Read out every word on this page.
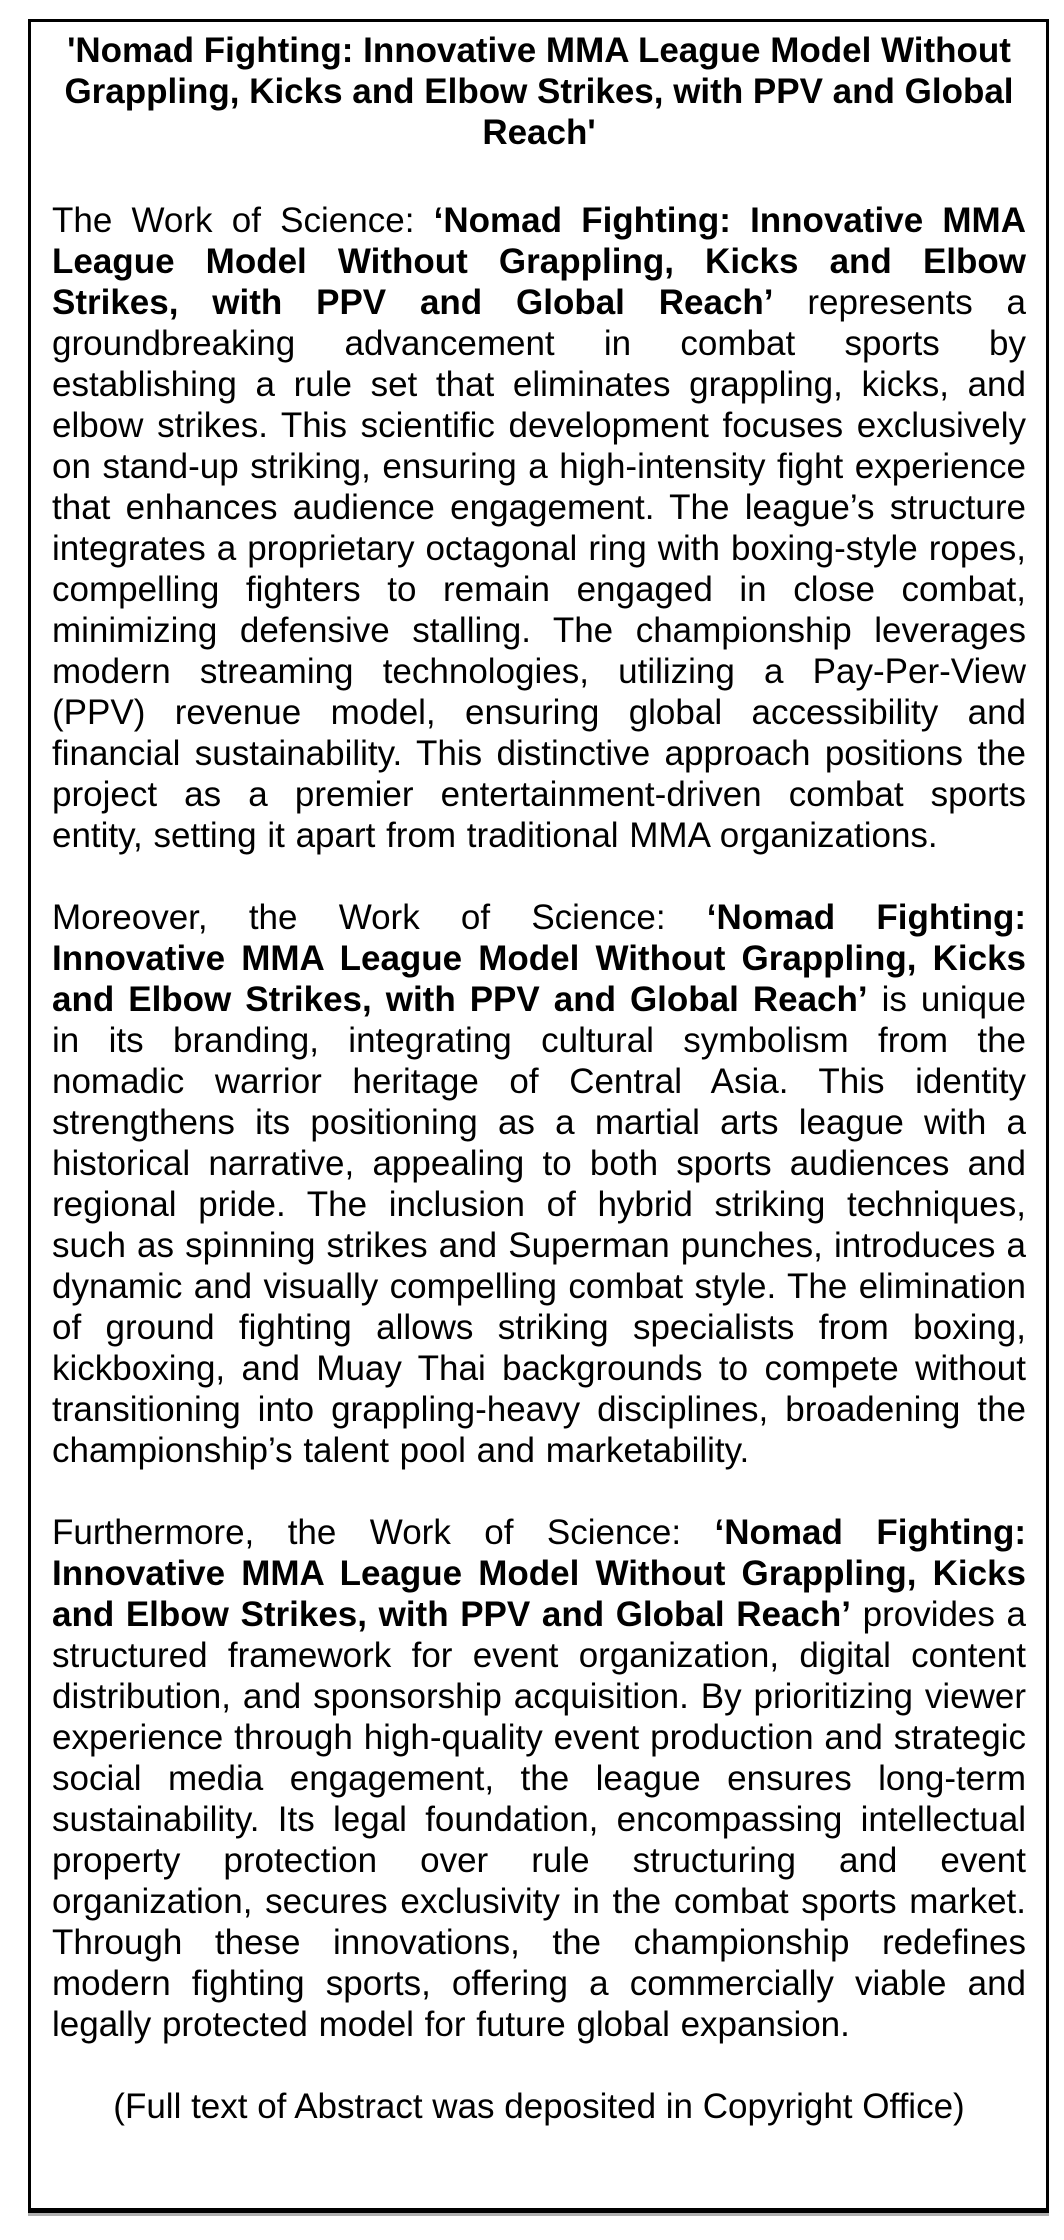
'Nomad Fighting: Innovative MMA League Model Without Grappling, Kicks and Elbow Strikes, with PPV and Global Reach'

The Work of Science: ‘Nomad Fighting: Innovative MMA League Model Without Grappling, Kicks and Elbow Strikes, with PPV and Global Reach’ represents a groundbreaking advancement in combat sports by establishing a rule set that eliminates grappling, kicks, and elbow strikes. This scientific development focuses exclusively on stand-up striking, ensuring a high-intensity fight experience that enhances audience engagement. The league’s structure integrates a proprietary octagonal ring with boxing-style ropes, compelling fighters to remain engaged in close combat, minimizing defensive stalling. The championship leverages modern streaming technologies, utilizing a Pay-Per-View (PPV) revenue model, ensuring global accessibility and financial sustainability. This distinctive approach positions the project as a premier entertainment-driven combat sports entity, setting it apart from traditional MMA organizations.

Moreover, the Work of Science: ‘Nomad Fighting: Innovative MMA League Model Without Grappling, Kicks and Elbow Strikes, with PPV and Global Reach’ is unique in its branding, integrating cultural symbolism from the nomadic warrior heritage of Central Asia. This identity strengthens its positioning as a martial arts league with a historical narrative, appealing to both sports audiences and regional pride. The inclusion of hybrid striking techniques, such as spinning strikes and Superman punches, introduces a dynamic and visually compelling combat style. The elimination of ground fighting allows striking specialists from boxing, kickboxing, and Muay Thai backgrounds to compete without transitioning into grappling-heavy disciplines, broadening the championship’s talent pool and marketability.

Furthermore, the Work of Science: ‘Nomad Fighting: Innovative MMA League Model Without Grappling, Kicks and Elbow Strikes, with PPV and Global Reach’ provides a structured framework for event organization, digital content distribution, and sponsorship acquisition. By prioritizing viewer experience through high-quality event production and strategic social media engagement, the league ensures long-term sustainability. Its legal foundation, encompassing intellectual property protection over rule structuring and event organization, secures exclusivity in the combat sports market. Through these innovations, the championship redefines modern fighting sports, offering a commercially viable and legally protected model for future global expansion.

(Full text of Abstract was deposited in Copyright Office)
